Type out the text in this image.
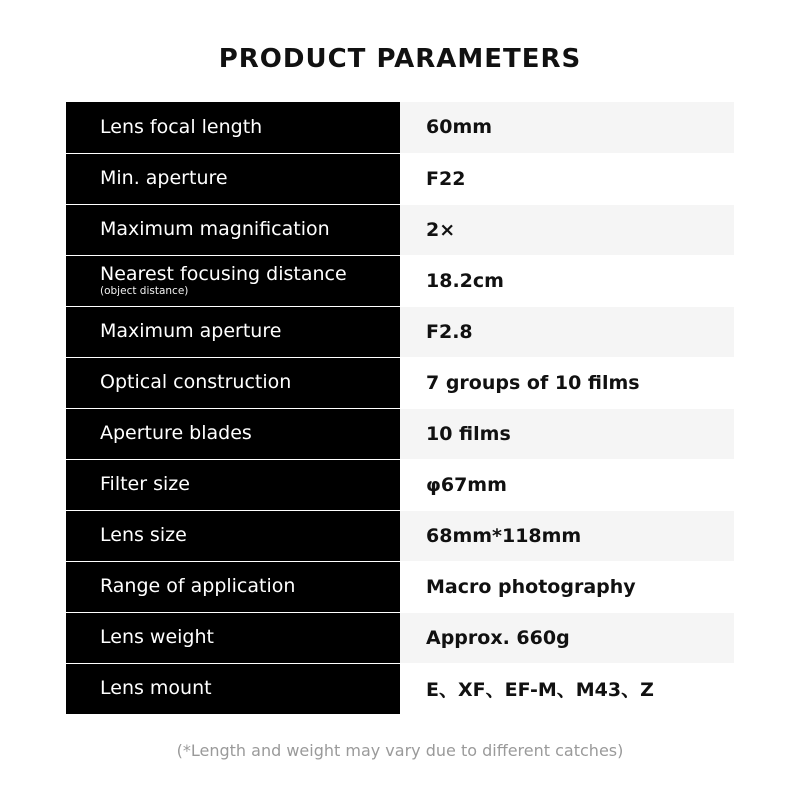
PRODUCT PARAMETERS
Lens focal length	60mm

Min. aperture	F22

Maximum magnification	2×

Nearest focusing distance
(object distance)	18.2cm

Maximum aperture	F2.8

Optical construction	7 groups of 10 films

Aperture blades	10 films

Filter size	φ67mm

Lens size	68mm*118mm

Range of application	Macro photography

Lens weight	Approx. 660g

Lens mount	E、XF、EF-M、M43、Z
(*Length and weight may vary due to different catches)
